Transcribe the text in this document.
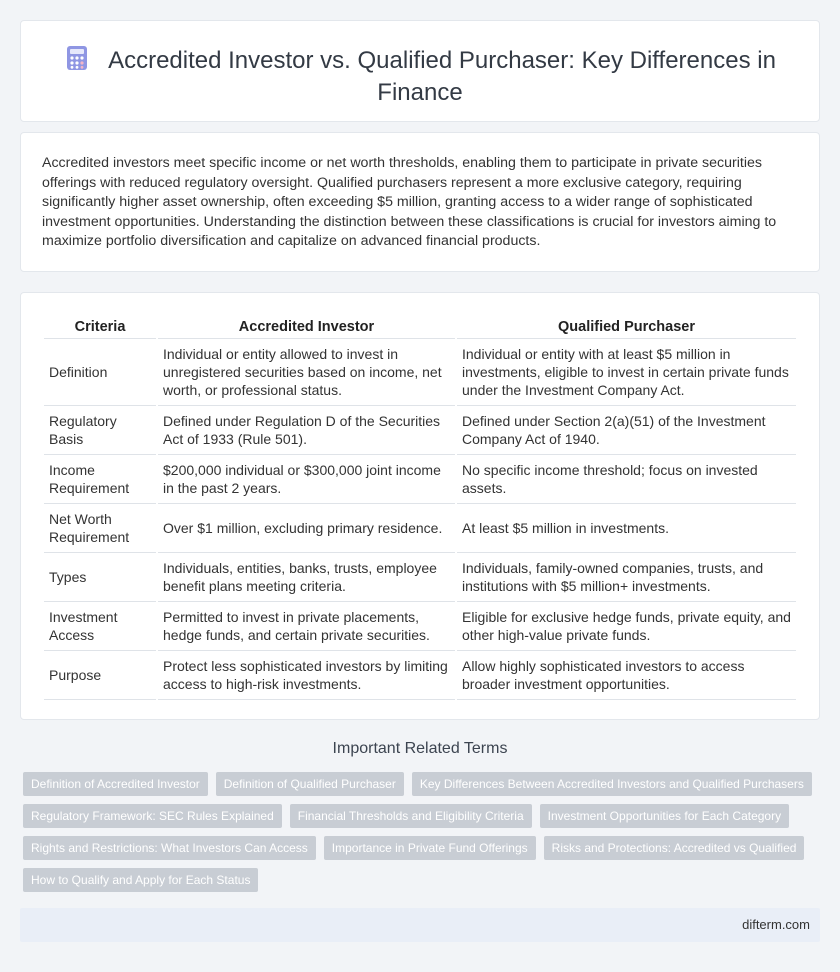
Accredited Investor vs. Qualified Purchaser: Key Differences in Finance

Accredited investors meet specific income or net worth thresholds, enabling them to participate in private securities offerings with reduced regulatory oversight. Qualified purchasers represent a more exclusive category, requiring significantly higher asset ownership, often exceeding $5 million, granting access to a wider range of sophisticated investment opportunities. Understanding the distinction between these classifications is crucial for investors aiming to maximize portfolio diversification and capitalize on advanced financial products.

Criteria	Accredited Investor	Qualified Purchaser
Definition	Individual or entity allowed to invest in unregistered securities based on income, net worth, or professional status.	Individual or entity with at least $5 million in investments, eligible to invest in certain private funds under the Investment Company Act.
Regulatory Basis	Defined under Regulation D of the Securities Act of 1933 (Rule 501).	Defined under Section 2(a)(51) of the Investment Company Act of 1940.
Income Requirement	$200,000 individual or $300,000 joint income in the past 2 years.	No specific income threshold; focus on invested assets.
Net Worth Requirement	Over $1 million, excluding primary residence.	At least $5 million in investments.
Types	Individuals, entities, banks, trusts, employee benefit plans meeting criteria.	Individuals, family-owned companies, trusts, and institutions with $5 million+ investments.
Investment Access	Permitted to invest in private placements, hedge funds, and certain private securities.	Eligible for exclusive hedge funds, private equity, and other high-value private funds.
Purpose	Protect less sophisticated investors by limiting access to high-risk investments.	Allow highly sophisticated investors to access broader investment opportunities.
Important Related Terms
Definition of Accredited Investor	Definition of Qualified Purchaser	Key Differences Between Accredited Investors and Qualified Purchasers
Regulatory Framework: SEC Rules Explained	Financial Thresholds and Eligibility Criteria	Investment Opportunities for Each Category
Rights and Restrictions: What Investors Can Access	Importance in Private Fund Offerings	Risks and Protections: Accredited vs Qualified
How to Qualify and Apply for Each Status
difterm.com
